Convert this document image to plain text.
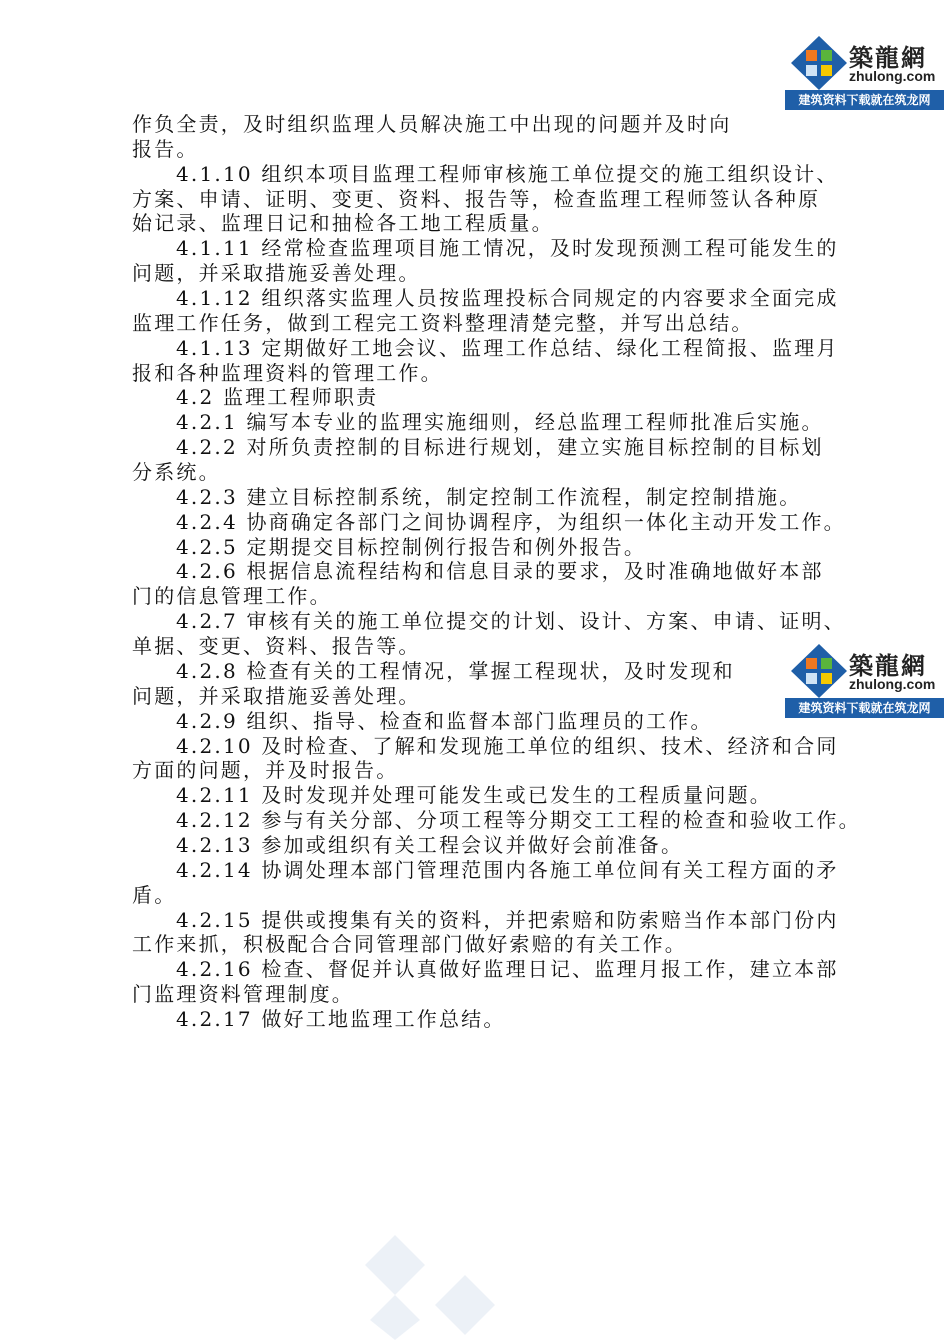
作负全责，及时组织监理人员解决施工中出现的问题并及时向
报告。
4.1.10 组织本项目监理工程师审核施工单位提交的施工组织设计、
方案、申请、证明、变更、资料、报告等，检查监理工程师签认各种原
始记录、监理日记和抽检各工地工程质量。
4.1.11 经常检查监理项目施工情况，及时发现预测工程可能发生的
问题，并采取措施妥善处理。
4.1.12 组织落实监理人员按监理投标合同规定的内容要求全面完成
监理工作任务，做到工程完工资料整理清楚完整，并写出总结。
4.1.13 定期做好工地会议、监理工作总结、绿化工程简报、监理月
报和各种监理资料的管理工作。
4.2 监理工程师职责
4.2.1 编写本专业的监理实施细则，经总监理工程师批准后实施。
4.2.2 对所负责控制的目标进行规划，建立实施目标控制的目标划
分系统。
4.2.3 建立目标控制系统，制定控制工作流程，制定控制措施。
4.2.4 协商确定各部门之间协调程序，为组织一体化主动开发工作。
4.2.5 定期提交目标控制例行报告和例外报告。
4.2.6 根据信息流程结构和信息目录的要求，及时准确地做好本部
门的信息管理工作。
4.2.7 审核有关的施工单位提交的计划、设计、方案、申请、证明、
单据、变更、资料、报告等。
4.2.8 检查有关的工程情况，掌握工程现状，及时发现和
问题，并采取措施妥善处理。
4.2.9 组织、指导、检查和监督本部门监理员的工作。
4.2.10 及时检查、了解和发现施工单位的组织、技术、经济和合同
方面的问题，并及时报告。
4.2.11 及时发现并处理可能发生或已发生的工程质量问题。
4.2.12 参与有关分部、分项工程等分期交工工程的检查和验收工作。
4.2.13 参加或组织有关工程会议并做好会前准备。
4.2.14 协调处理本部门管理范围内各施工单位间有关工程方面的矛
盾。
4.2.15 提供或搜集有关的资料，并把索赔和防索赔当作本部门份内
工作来抓，积极配合合同管理部门做好索赔的有关工作。
4.2.16 检查、督促并认真做好监理日记、监理月报工作，建立本部
门监理资料管理制度。
4.2.17 做好工地监理工作总结。
築龍網
zhulong.com
建筑资料下载就在筑龙网
築龍網
zhulong.com
建筑资料下载就在筑龙网
